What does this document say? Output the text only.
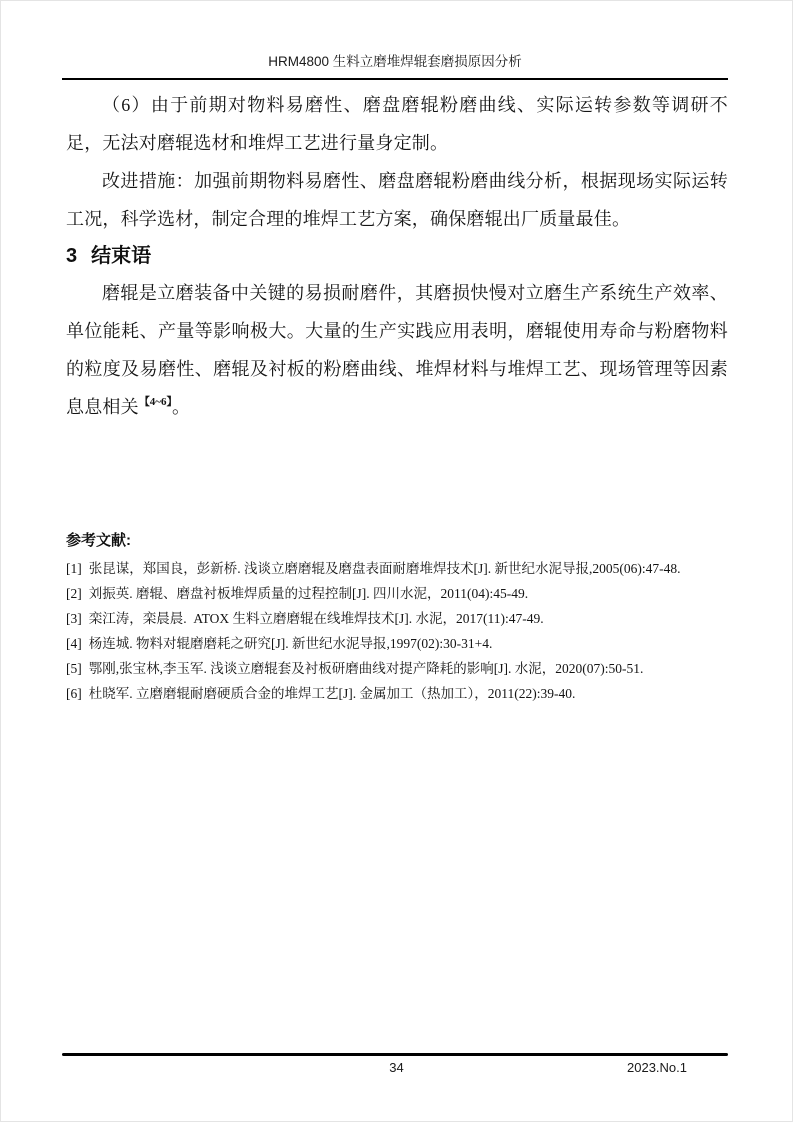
HRM4800 生料立磨堆焊辊套磨损原因分析

（6）由于前期对物料易磨性、磨盘磨辊粉磨曲线、实际运转参数等调研不足，无法对磨辊选材和堆焊工艺进行量身定制。

改进措施：加强前期物料易磨性、磨盘磨辊粉磨曲线分析，根据现场实际运转工况，科学选材，制定合理的堆焊工艺方案，确保磨辊出厂质量最佳。

3 结束语

磨辊是立磨装备中关键的易损耐磨件，其磨损快慢对立磨生产系统生产效率、单位能耗、产量等影响极大。大量的生产实践应用表明，磨辊使用寿命与粉磨物料的粒度及易磨性、磨辊及衬板的粉磨曲线、堆焊材料与堆焊工艺、现场管理等因素息息相关$^{【4\sim 6】}$。

参考文献:
[1] 张昆谋，郑国良，彭新桥. 浅谈立磨磨辊及磨盘表面耐磨堆焊技术[J]. 新世纪水泥导报,2005(06):47-48.
[2] 刘振英. 磨辊、磨盘衬板堆焊质量的过程控制[J]. 四川水泥，2011(04):45-49.
[3] 栾江涛，栾晨晨.  ATOX 生料立磨磨辊在线堆焊技术[J]. 水泥，2017(11):47-49.
[4] 杨连城. 物料对辊磨磨耗之研究[J]. 新世纪水泥导报,1997(02):30-31+4.
[5] 鄂刚,张宝林,李玉军. 浅谈立磨辊套及衬板研磨曲线对提产降耗的影响[J]. 水泥，2020(07):50-51.
[6] 杜晓军. 立磨磨辊耐磨硬质合金的堆焊工艺[J]. 金属加工（热加工），2011(22):39-40.
34	2023.No.1
